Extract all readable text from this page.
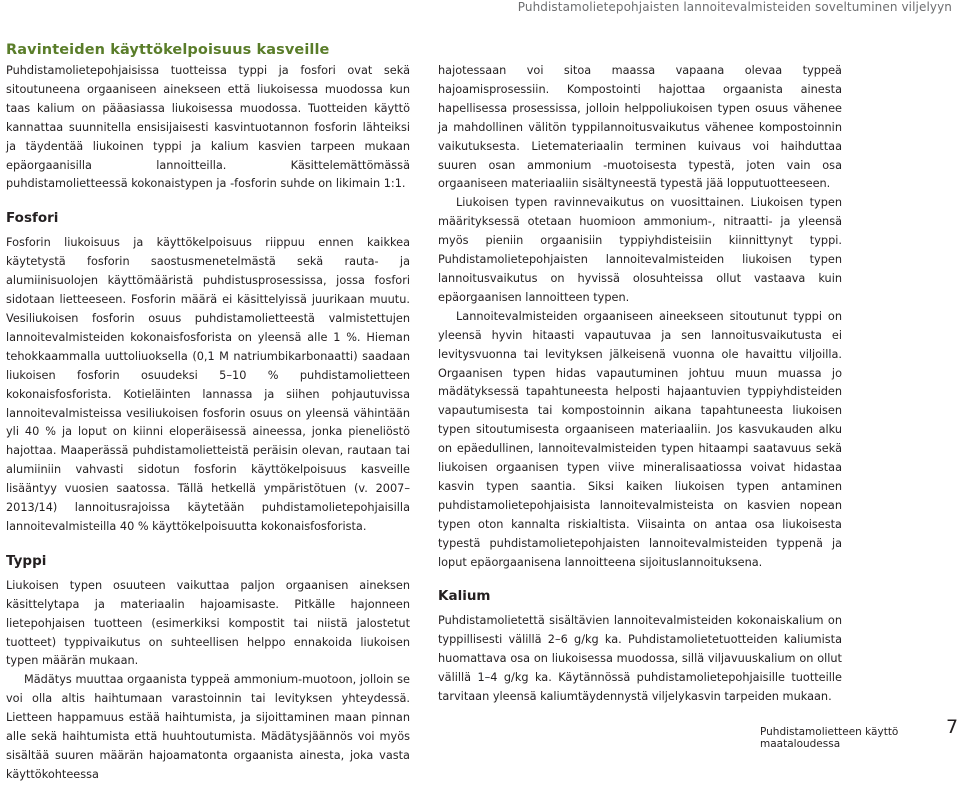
Puhdistamolietepohjaisten lannoitevalmisteiden soveltuminen viljelyyn
Ravinteiden käyttökelpoisuus kasveille

Puhdistamolietepohjaisissa tuotteissa typpi ja fosfori ovat sekä sitoutuneena orgaaniseen ainekseen että liukoisessa muodossa kun taas kalium on pääasiassa liukoisessa muodossa. Tuotteiden käyttö kannattaa suunnitella ensisijaisesti kasvintuotannon fosforin lähteiksi ja täydentää liukoinen typpi ja kalium kasvien tarpeen mukaan epäorgaanisilla lannoitteilla. Käsittelemättömässä puhdistamolietteessä kokonaistypen ja -fosforin suhde on likimain 1:1.

Fosfori

Fosforin liukoisuus ja käyttökelpoisuus riippuu ennen kaikkea käytetystä fosforin saostusmenetelmästä sekä rauta- ja alumiinisuolojen käyttömääristä puhdistusprosessissa, jossa fosfori sidotaan lietteeseen. Fosforin määrä ei käsittelyissä juurikaan muutu. Vesiliukoisen fosforin osuus puhdistamolietteestä valmistettujen lannoitevalmisteiden kokonaisfosforista on yleensä alle 1 %. Hieman tehokkaammalla uuttoliuoksella (0,1 M natriumbikarbonaatti) saadaan liukoisen fosforin osuudeksi 5–10 % puhdistamolietteen kokonaisfosforista. Kotieläinten lannassa ja siihen pohjautuvissa lannoitevalmisteissa vesiliukoisen fosforin osuus on yleensä vähintään yli 40 % ja loput on kiinni eloperäisessä aineessa, jonka pieneliöstö hajottaa. Maaperässä puhdistamolietteistä peräisin olevan, rautaan tai alumiiniin vahvasti sidotun fosforin käyttökelpoisuus kasveille lisääntyy vuosien saatossa. Tällä hetkellä ympäristötuen (v. 2007–2013/14) lannoitusrajoissa käytetään puhdistamolietepohjaisilla lannoitevalmisteilla 40 % käyttökelpoisuutta kokonaisfosforista.

Typpi

Liukoisen typen osuuteen vaikuttaa paljon orgaanisen aineksen käsittelytapa ja materiaalin hajoamisaste. Pitkälle hajonneen lietepohjaisen tuotteen (esimerkiksi kompostit tai niistä jalostetut tuotteet) typpivaikutus on suhteellisen helppo ennakoida liukoisen typen määrän mukaan.

Mädätys muuttaa orgaanista typpeä ammonium-muotoon, jolloin se voi olla altis haihtumaan varastoinnin tai levityksen yhteydessä. Lietteen happamuus estää haihtumista, ja sijoittaminen maan pinnan alle sekä haihtumista että huuhtoutumista. Mädätysjäännös voi myös sisältää suuren määrän hajoamatonta orgaanista ainesta, joka vasta käyttökohteessa

hajotessaan voi sitoa maassa vapaana olevaa typpeä hajoamisprosessiin. Kompostointi hajottaa orgaanista ainesta hapellisessa prosessissa, jolloin helppoliukoisen typen osuus vähenee ja mahdollinen välitön typpilannoitusvaikutus vähenee kompostoinnin vaikutuksesta. Lietemateriaalin terminen kuivaus voi haihduttaa suuren osan ammonium -muotoisesta typestä, joten vain osa orgaaniseen materiaaliin sisältyneestä typestä jää lopputuotteeseen.

Liukoisen typen ravinnevaikutus on vuosittainen. Liukoisen typen määrityksessä otetaan huomioon ammonium-, nitraatti- ja yleensä myös pieniin orgaanisiin typpiyhdisteisiin kiinnittynyt typpi. Puhdistamolietepohjaisten lannoitevalmisteiden liukoisen typen lannoitusvaikutus on hyvissä olosuhteissa ollut vastaava kuin epäorgaanisen lannoitteen typen.

Lannoitevalmisteiden orgaaniseen aineekseen sitoutunut typpi on yleensä hyvin hitaasti vapautuvaa ja sen lannoitusvaikutusta ei levitysvuonna tai levityksen jälkeisenä vuonna ole havaittu viljoilla. Orgaanisen typen hidas vapautuminen johtuu muun muassa jo mädätyksessä tapahtuneesta helposti hajaantuvien typpiyhdisteiden vapautumisesta tai kompostoinnin aikana tapahtuneesta liukoisen typen sitoutumisesta orgaaniseen materiaaliin. Jos kasvukauden alku on epäedullinen, lannoitevalmisteiden typen hitaampi saatavuus sekä liukoisen orgaanisen typen viive mineralisaatiossa voivat hidastaa kasvin typen saantia. Siksi kaiken liukoisen typen antaminen puhdistamolietepohjaisista lannoitevalmisteista on kasvien nopean typen oton kannalta riskialtista. Viisainta on antaa osa liukoisesta typestä puhdistamolietepohjaisten lannoitevalmisteiden typpenä ja loput epäorgaanisena lannoitteena sijoituslannoituksena.

Kalium

Puhdistamolietettä sisältävien lannoitevalmisteiden kokonaiskalium on typpillisesti välillä 2–6 g/kg ka. Puhdistamolietetuotteiden kaliumista huomattava osa on liukoisessa muodossa, sillä viljavuuskalium on ollut välillä 1–4 g/kg ka. Käytännössä puhdistamolietepohjaisille tuotteille tarvitaan yleensä kaliumtäydennystä viljelykasvin tarpeiden mukaan.

Puhdistamolietteen käyttö maataloudessa
7
